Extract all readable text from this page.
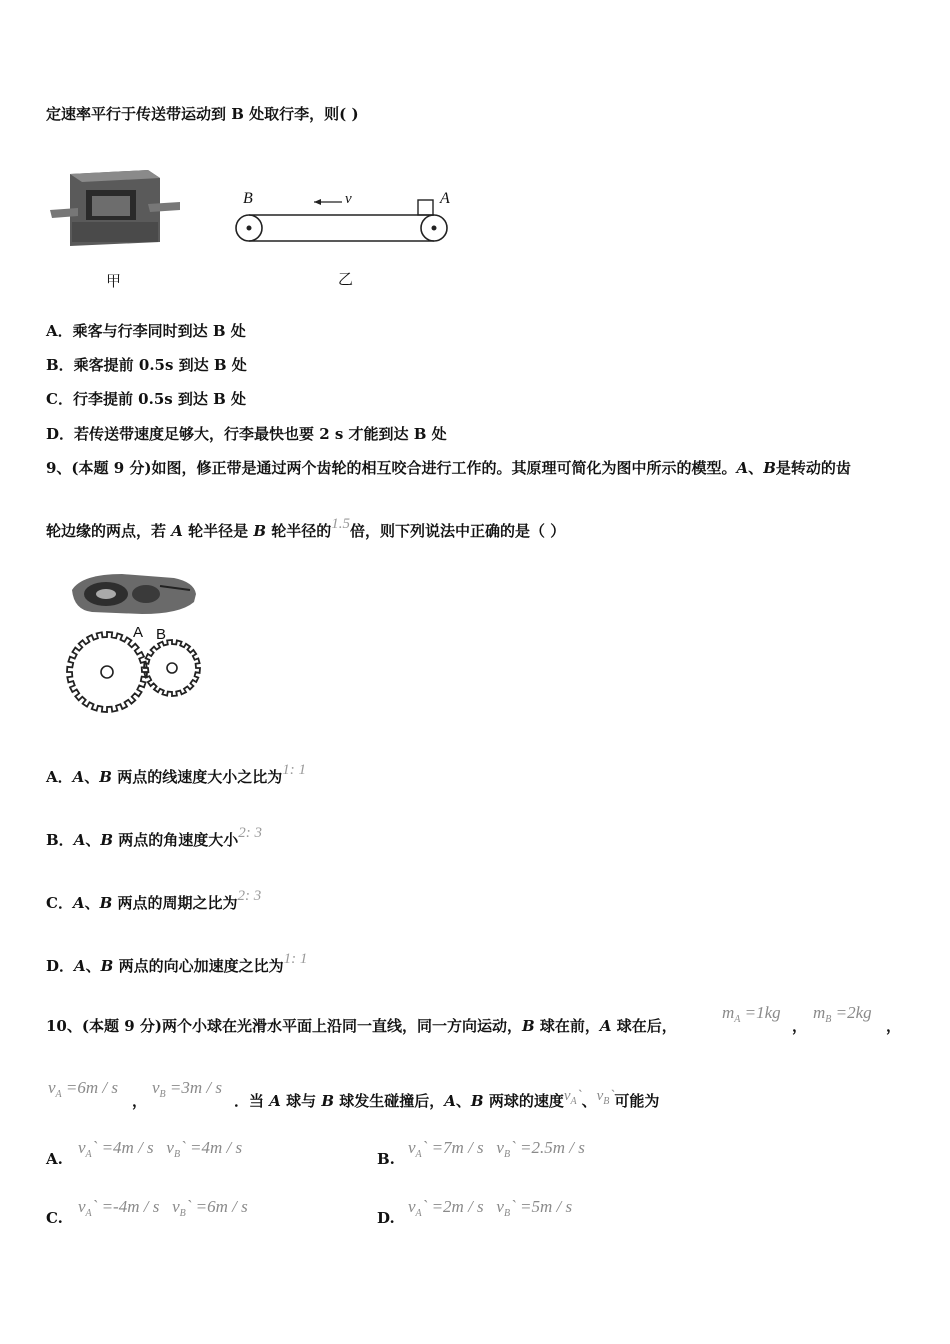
定速率平行于传送带运动到 B 处取行李，则( )
甲
B	A
v
乙
A．乘客与行李同时到达 B 处
B．乘客提前 0.5s 到达 B 处
C．行李提前 0.5s 到达 B 处
D．若传送带速度足够大，行李最快也要 2 s 才能到达 B 处
9、(本题 9 分)如图，修正带是通过两个齿轮的相互咬合进行工作的。其原理可简化为图中所示的模型。A、B是转动的齿
轮边缘的两点，若 A 轮半径是 B 轮半径的1.5倍，则下列说法中正确的是（ ）
A B
A．A、B 两点的线速度大小之比为1: 1
B．A、B 两点的角速度大小2: 3
C．A、B 两点的周期之比为2: 3
D．A、B 两点的向心加速度之比为1: 1
10、(本题 9 分)两个小球在光滑水平面上沿同一直线，同一方向运动，B 球在前，A 球在后，
$m_A =1kg$
，
$m_B =2kg$
，
$v_A =6m / s$
，
$v_B =3m / s$
．当 A 球与 B 球发生碰撞后，A、B 两球的速度$v_A`$、$v_B`$可能为
A.
$v_A` =4m / s$   $v_B` =4m / s$
B.
$v_A` =7m / s$   $v_B` =2.5m / s$
C.
$v_A` =-4m / s$   $v_B` =6m / s$
D.
$v_A` =2m / s$   $v_B` =5m / s$
